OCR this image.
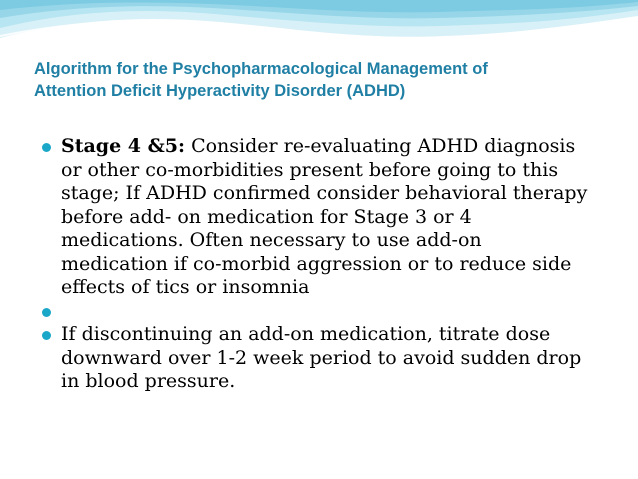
Algorithm for the Psychopharmacological Management of
Attention Deficit Hyperactivity Disorder (ADHD)
Stage 4 &5: Consider re-evaluating ADHD diagnosis
or other co-morbidities present before going to this
stage; If ADHD confirmed consider behavioral therapy
before add- on medication for Stage 3 or 4
medications. Often necessary to use add-on
medication if co-morbid aggression or to reduce side
effects of tics or insomnia
If discontinuing an add-on medication, titrate dose
downward over 1-2 week period to avoid sudden drop
in blood pressure.
